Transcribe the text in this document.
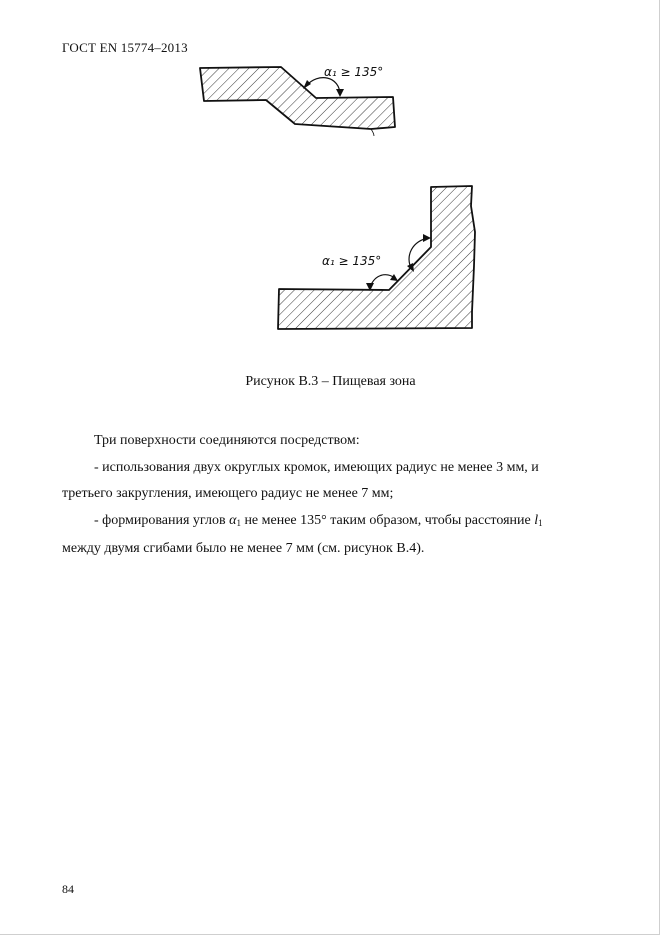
ГОСТ EN 15774–2013
α₁ ≥ 135°
α₁ ≥ 135°
Рисунок В.3 – Пищевая зона

Три поверхности соединяются посредством:

- использования двух округлых кромок, имеющих радиус не менее 3 мм, и

третьего закругления, имеющего радиус не менее 7 мм;

- формирования углов $\alpha_1$ не менее 135° таким образом, чтобы расстояние $l_1$

между двумя сгибами было не менее 7 мм (см. рисунок В.4).

84
